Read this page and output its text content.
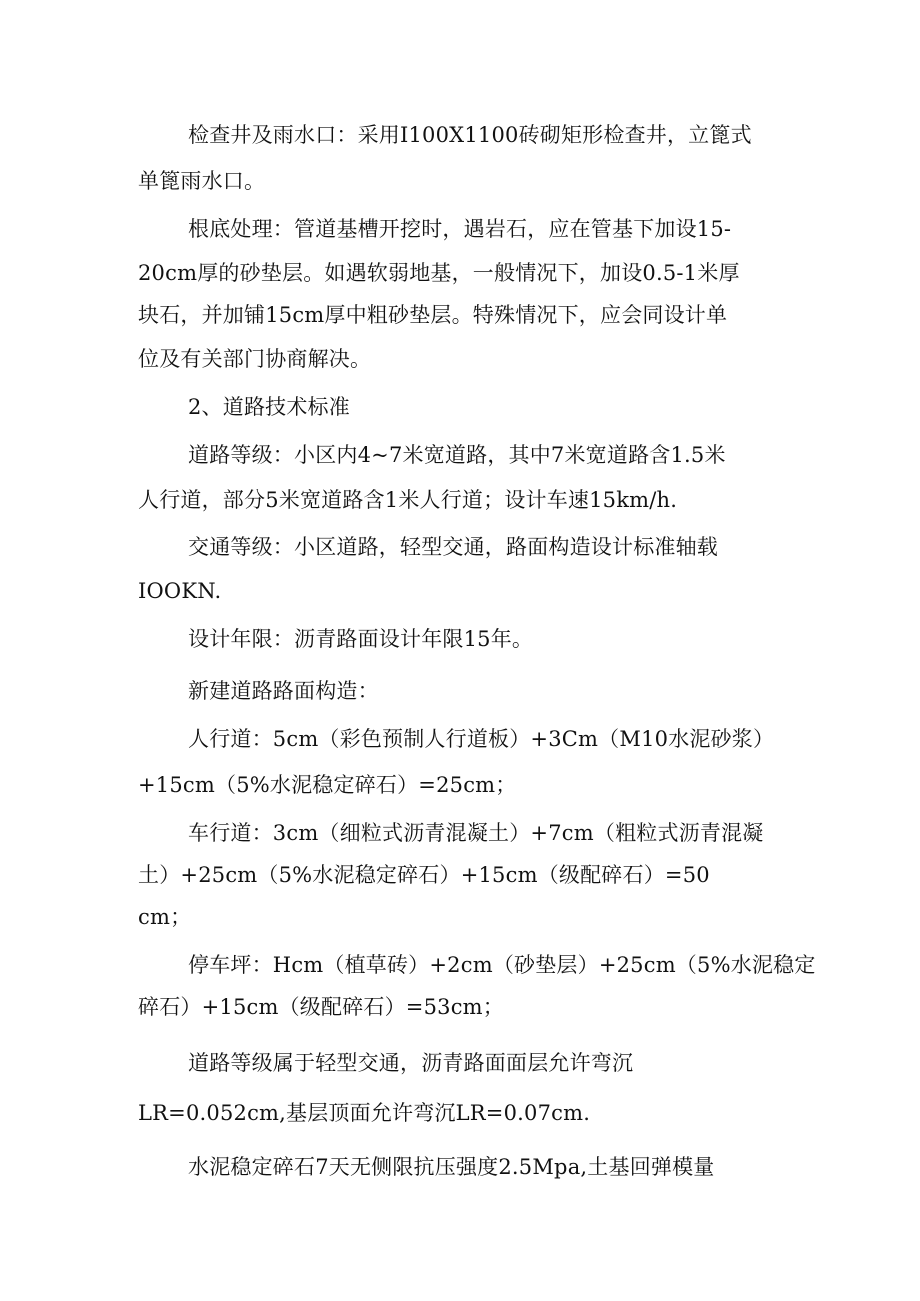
检查井及雨水口：采用I100X1100砖砌矩形检查井，立篦式
单篦雨水口。
根底处理：管道基槽开挖时，遇岩石，应在管基下加设15-
20cm厚的砂垫层。如遇软弱地基，一般情况下，加设0.5-1米厚
块石，并加铺15cm厚中粗砂垫层。特殊情况下，应会同设计单
位及有关部门协商解决。
2、道路技术标准
道路等级：小区内4~7米宽道路，其中7米宽道路含1.5米
人行道，部分5米宽道路含1米人行道；设计车速15km/h.
交通等级：小区道路，轻型交通，路面构造设计标准轴载
IOOKN.
设计年限：沥青路面设计年限15年。
新建道路路面构造：
人行道：5cm（彩色预制人行道板）+3Cm（M10水泥砂浆）
+15cm（5%水泥稳定碎石）=25cm；
车行道：3cm（细粒式沥青混凝土）+7cm（粗粒式沥青混凝
土）+25cm（5%水泥稳定碎石）+15cm（级配碎石）=50
cm；
停车坪：Hcm（植草砖）+2cm（砂垫层）+25cm（5%水泥稳定
碎石）+15cm（级配碎石）=53cm；
道路等级属于轻型交通，沥青路面面层允许弯沉
LR=0.052cm,基层顶面允许弯沉LR=0.07cm.
水泥稳定碎石7天无侧限抗压强度2.5Mpa,土基回弹模量
